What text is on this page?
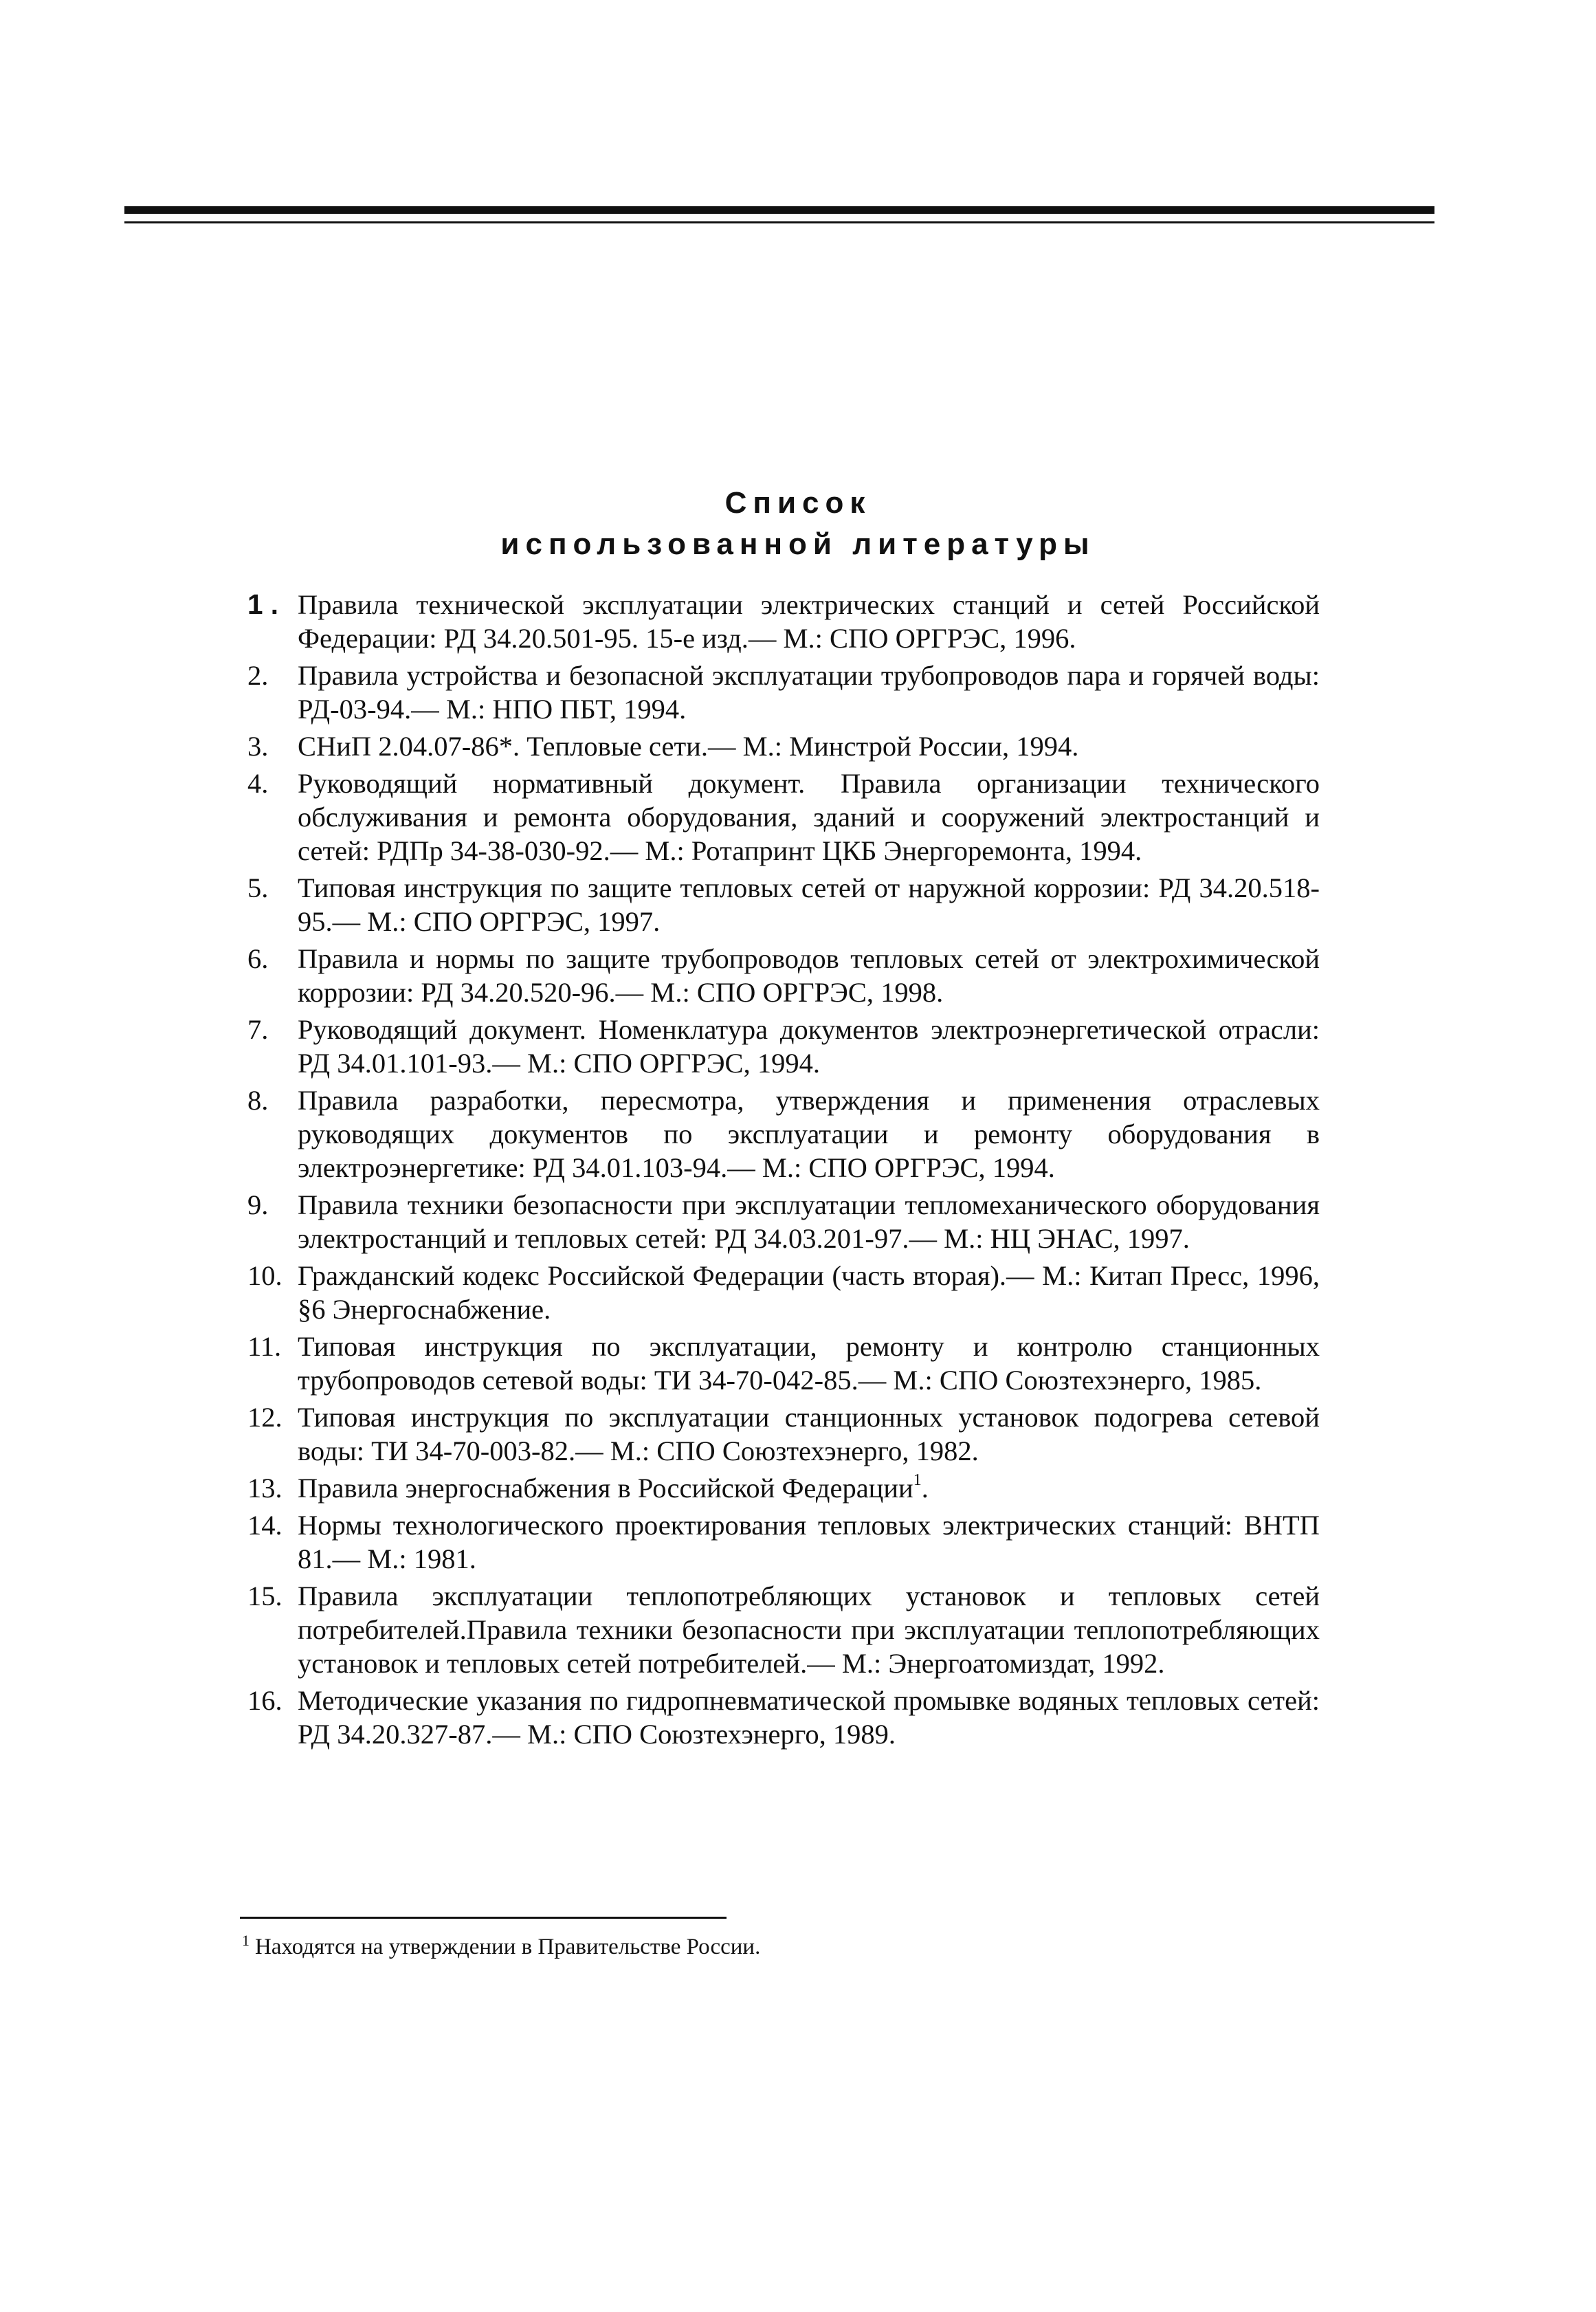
Список
использованной литературы
1 . Правила технической эксплуатации электрических станций и сетей Российской Федерации: РД 34.20.501-95. 15-е изд.— М.: СПО ОРГРЭС, 1996.
2.	Правила устройства и безопасной эксплуатации трубопроводов пара и горячей воды: РД-03-94.— М.: НПО ПБТ, 1994.
3.	СНиП 2.04.07-86*. Тепловые сети.— М.: Минстрой России, 1994.
4.	Руководящий нормативный документ. Правила организации технического обслуживания и ремонта оборудования, зданий и сооружений электростанций и сетей: РДПр 34-38-030-92.— М.: Ротапринт ЦКБ Энергоремонта, 1994.
5.	Типовая инструкция по защите тепловых сетей от наружной коррозии: РД 34.20.518-95.— М.: СПО ОРГРЭС, 1997.
6.	Правила и нормы по защите трубопроводов тепловых сетей от электрохимической коррозии: РД 34.20.520-96.— М.: СПО ОРГРЭС, 1998.
7.	Руководящий документ. Номенклатура документов электроэнергетической отрасли: РД 34.01.101-93.— М.: СПО ОРГРЭС, 1994.
8.	Правила разработки, пересмотра, утверждения и применения отраслевых руководящих документов по эксплуатации и ремонту оборудования в электроэнергетике: РД 34.01.103-94.— М.: СПО ОРГРЭС, 1994.
9.	Правила техники безопасности при эксплуатации тепломеханического оборудования электростанций и тепловых сетей: РД 34.03.201-97.— М.: НЦ ЭНАС, 1997.
10. Гражданский кодекс Российской Федерации (часть вторая).— М.: Китап Пресс, 1996, §6 Энергоснабжение.
11. Типовая инструкция по эксплуатации, ремонту и контролю станционных трубопроводов сетевой воды: ТИ 34-70-042-85.— М.: СПО Союзтехэнерго, 1985.
12. Типовая инструкция по эксплуатации станционных установок подогрева сетевой воды: ТИ 34-70-003-82.— М.: СПО Союзтехэнерго, 1982.
13. Правила энергоснабжения в Российской Федерации$^1$.
14. Нормы технологического проектирования тепловых электрических станций: ВНТП 81.— М.: 1981.
15. Правила эксплуатации теплопотребляющих установок и тепловых сетей потребителей.Правила техники безопасности при эксплуатации теплопотребляющих установок и тепловых сетей потребителей.— М.: Энергоатомиздат, 1992.
16. Методические указания по гидропневматической промывке водяных тепловых сетей: РД 34.20.327-87.— М.: СПО Союзтехэнерго, 1989.
$^1$ Находятся на утверждении в Правительстве России.
